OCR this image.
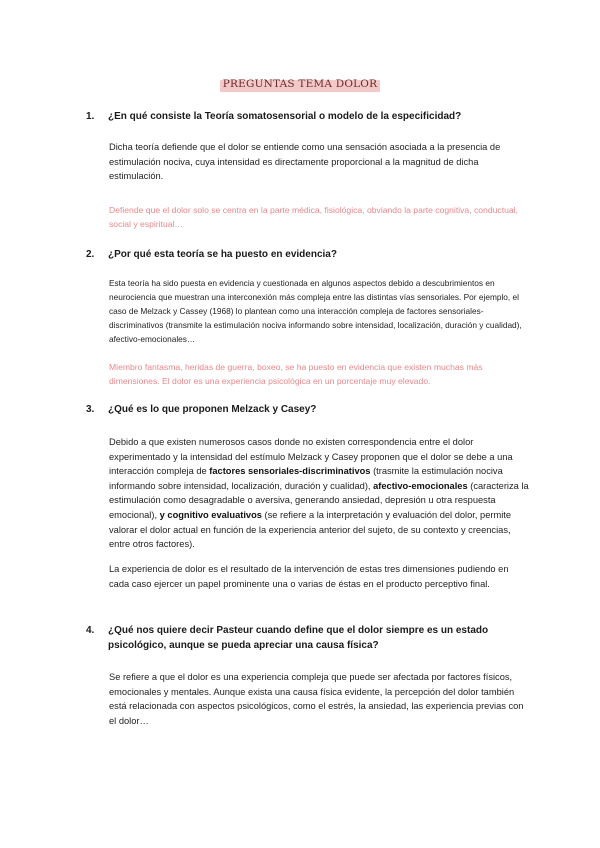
PREGUNTAS TEMA DOLOR
1.	¿En qué consiste la Teoría somatosensorial o modelo de la especificidad?
Dicha teoría defiende que el dolor se entiende como una sensación asociada a la presencia de estimulación nociva, cuya intensidad es directamente proporcional a la magnitud de dicha estimulación.
Defiende que el dolor solo se centra en la parte médica, fisiológica, obviando la parte cognitiva, conductual, social y espiritual…
2.	¿Por qué esta teoría se ha puesto en evidencia?
Esta teoría ha sido puesta en evidencia y cuestionada en algunos aspectos debido a descubrimientos en neurociencia que muestran una interconexión más compleja entre las distintas vías sensoriales. Por ejemplo, el caso de Melzack y Cassey (1968) lo plantean como una interacción compleja de factores sensoriales-discriminativos (transmite la estimulación nociva informando sobre intensidad, localización, duración y cualidad), afectivo-emocionales…
Miembro fantasma, heridas de guerra, boxeo, se ha puesto en evidencia que existen muchas más dimensiones. El dolor es una experiencia psicológica en un porcentaje muy elevado.
3.	¿Qué es lo que proponen Melzack y Casey?
Debido a que existen numerosos casos donde no existen correspondencia entre el dolor experimentado y la intensidad del estímulo Melzack y Casey proponen que el dolor se debe a una interacción compleja de factores sensoriales-discriminativos (trasmite la estimulación nociva informando sobre intensidad, localización, duración y cualidad), afectivo-emocionales (caracteriza la estimulación como desagradable o aversiva, generando ansiedad, depresión u otra respuesta emocional), y cognitivo evaluativos (se refiere a la interpretación y evaluación del dolor, permite valorar el dolor actual en función de la experiencia anterior del sujeto, de su contexto y creencias, entre otros factores).
La experiencia de dolor es el resultado de la intervención de estas tres dimensiones pudiendo en cada caso ejercer un papel prominente una o varias de éstas en el producto perceptivo final.
4.	¿Qué nos quiere decir Pasteur cuando define que el dolor siempre es un estado psicológico, aunque se pueda apreciar una causa física?
Se refiere a que el dolor es una experiencia compleja que puede ser afectada por factores físicos, emocionales y mentales. Aunque exista una causa física evidente, la percepción del dolor también está relacionada con aspectos psicológicos, como el estrés, la ansiedad, las experiencia previas con el dolor…
